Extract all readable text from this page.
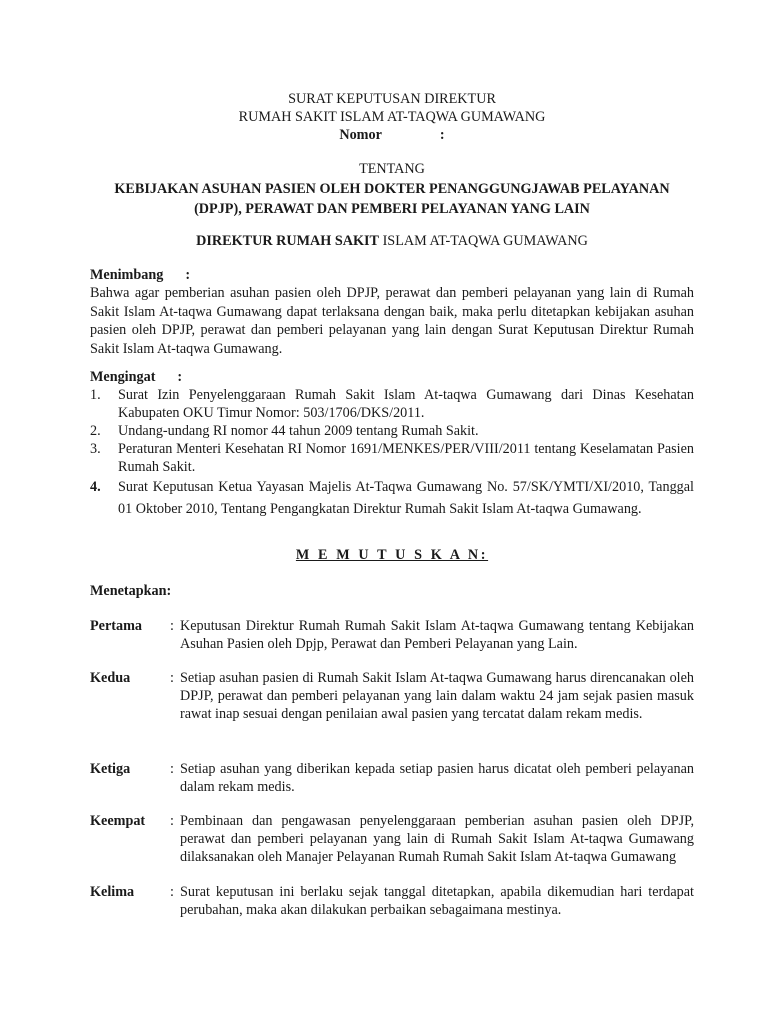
SURAT KEPUTUSAN DIREKTUR
RUMAH SAKIT ISLAM AT-TAQWA GUMAWANG
Nomor	:
TENTANG
KEBIJAKAN ASUHAN PASIEN OLEH DOKTER PENANGGUNGJAWAB PELAYANAN
(DPJP), PERAWAT DAN PEMBERI PELAYANAN YANG LAIN
DIREKTUR RUMAH SAKIT ISLAM AT-TAQWA GUMAWANG
Menimbang :
Bahwa agar pemberian asuhan pasien oleh DPJP, perawat dan pemberi pelayanan yang lain di Rumah Sakit Islam At-taqwa Gumawang dapat terlaksana dengan baik, maka perlu ditetapkan kebijakan asuhan pasien oleh DPJP, perawat dan pemberi pelayanan yang lain dengan Surat Keputusan Direktur Rumah Sakit Islam At-taqwa Gumawang.
Mengingat :
1.	Surat Izin Penyelenggaraan Rumah Sakit Islam At-taqwa Gumawang dari Dinas Kesehatan Kabupaten OKU Timur Nomor: 503/1706/DKS/2011.
2.	Undang-undang RI nomor 44 tahun 2009 tentang Rumah Sakit.
3.	Peraturan Menteri Kesehatan RI Nomor 1691/MENKES/PER/VIII/2011 tentang Keselamatan Pasien Rumah Sakit.
4.	Surat Keputusan Ketua Yayasan Majelis At-Taqwa Gumawang No. 57/SK/YMTI/XI/2010, Tanggal 01 Oktober 2010, Tentang Pengangkatan Direktur Rumah Sakit Islam At-taqwa Gumawang.
M E M U T U S K A N:
Menetapkan:
Pertama	: Keputusan Direktur Rumah Rumah Sakit Islam At-taqwa Gumawang tentang Kebijakan Asuhan Pasien oleh Dpjp, Perawat dan Pemberi Pelayanan yang Lain.
Kedua	: Setiap asuhan pasien di Rumah Sakit Islam At-taqwa Gumawang harus direncanakan oleh DPJP, perawat dan pemberi pelayanan yang lain dalam waktu 24 jam sejak pasien masuk rawat inap sesuai dengan penilaian awal pasien yang tercatat dalam rekam medis.
Ketiga	: Setiap asuhan yang diberikan kepada setiap pasien harus dicatat oleh pemberi pelayanan dalam rekam medis.
Keempat	: Pembinaan dan pengawasan penyelenggaraan pemberian asuhan pasien oleh DPJP, perawat dan pemberi pelayanan yang lain di Rumah Sakit Islam At-taqwa Gumawang dilaksanakan oleh Manajer Pelayanan Rumah Rumah Sakit Islam At-taqwa Gumawang
Kelima	: Surat keputusan ini berlaku sejak tanggal ditetapkan, apabila dikemudian hari terdapat perubahan, maka akan dilakukan perbaikan sebagaimana mestinya.
